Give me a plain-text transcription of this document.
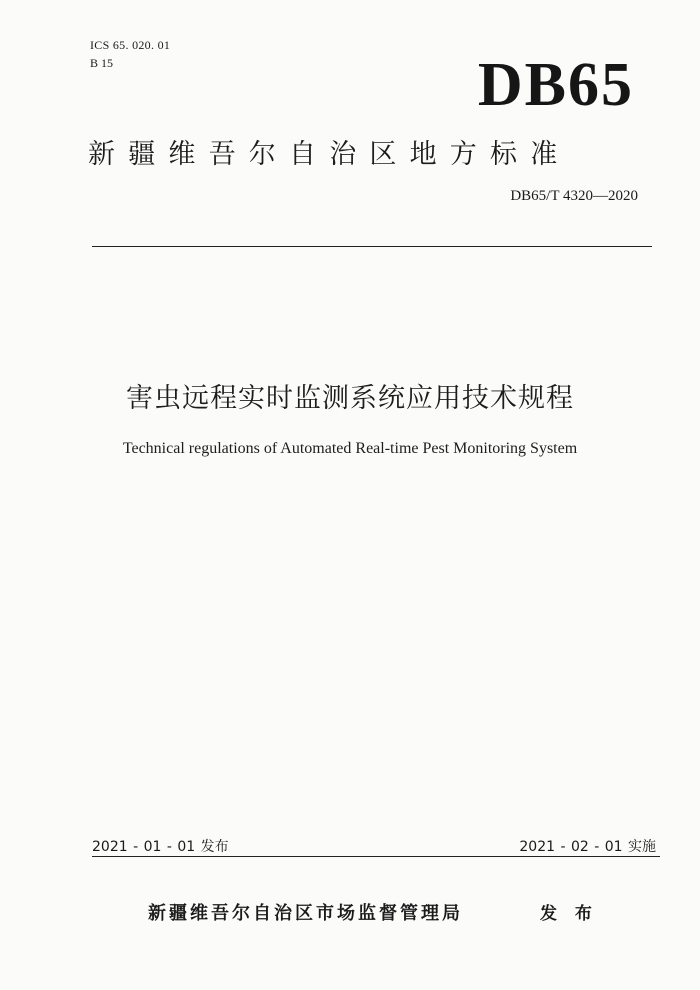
ICS 65. 020. 01
B 15	DB65
新疆维吾尔自治区地方标准
DB65/T 4320—2020
害虫远程实时监测系统应用技术规程
Technical regulations of Automated Real-time Pest Monitoring System
2021 - 01 - 01 发布	2021 - 02 - 01 实施
新疆维吾尔自治区市场监督管理局	发 布
